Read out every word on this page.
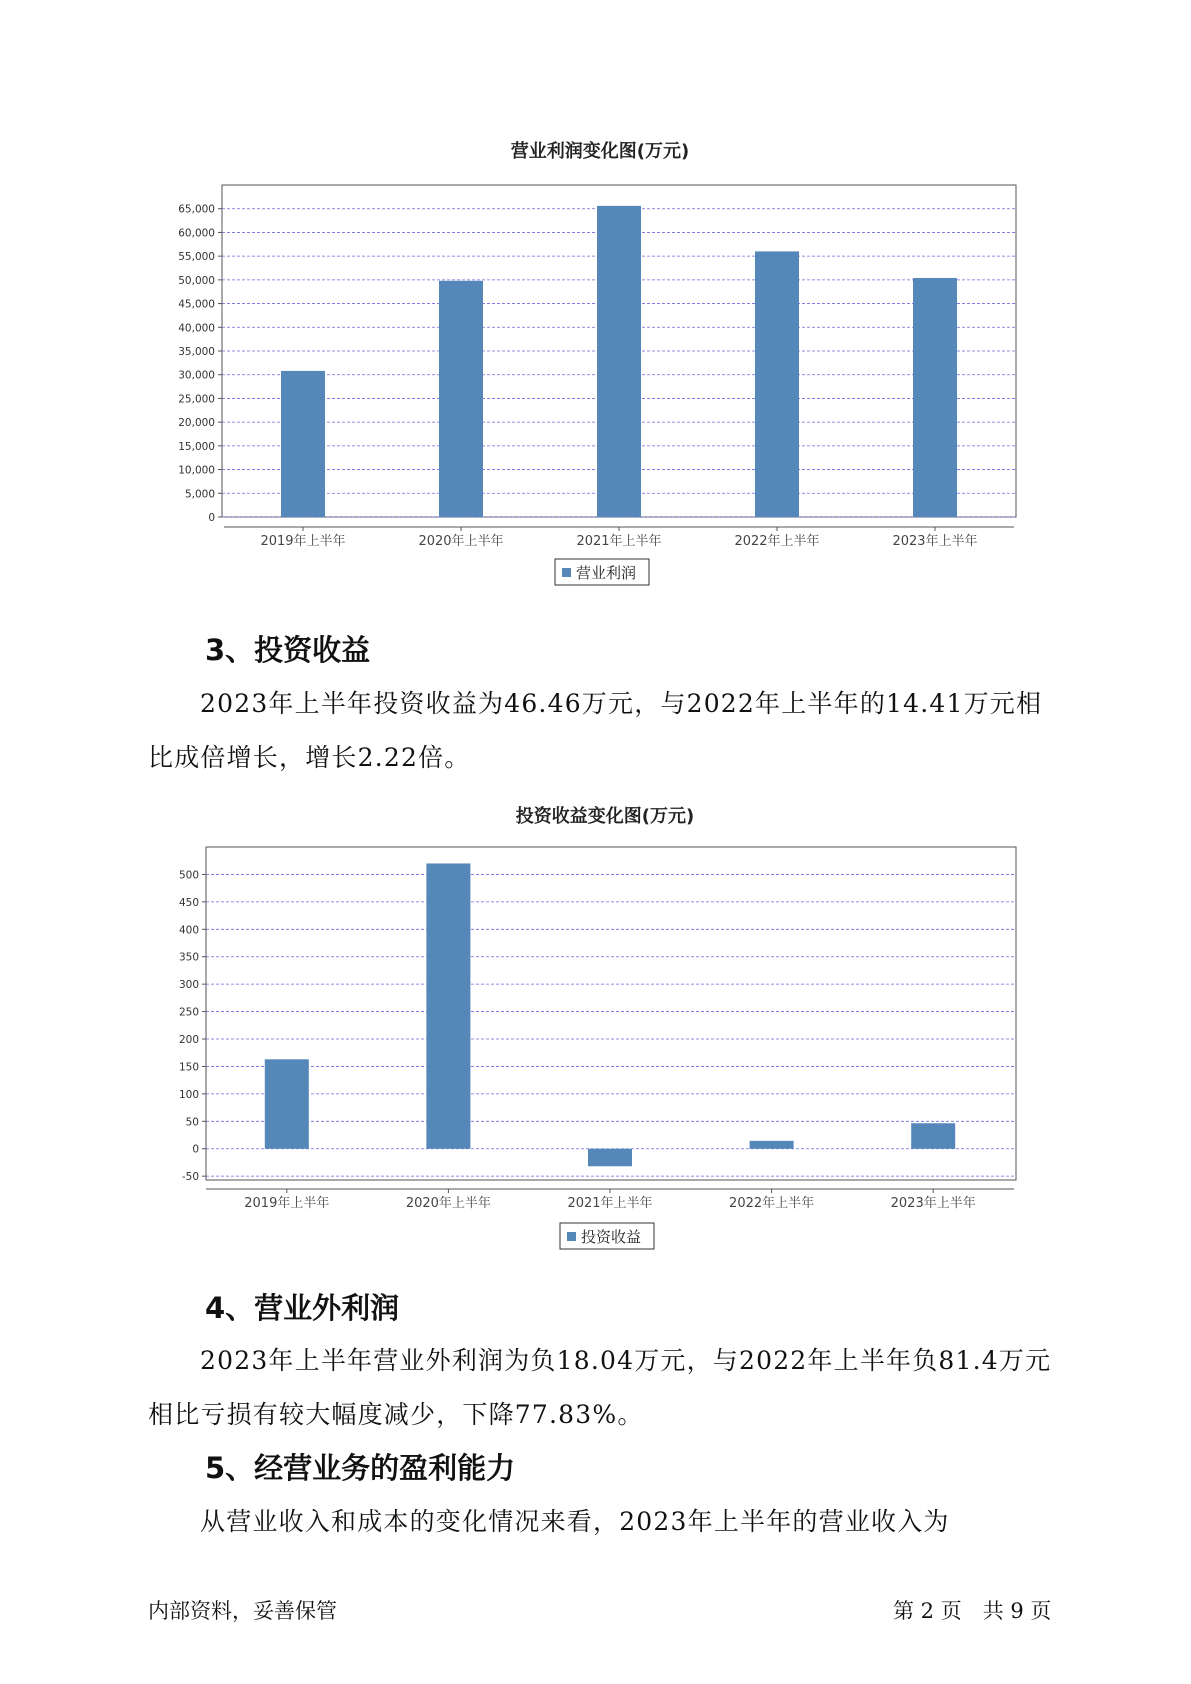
营业利润变化图(万元)
0
5,000
10,000
15,000
20,000
25,000
30,000
35,000
40,000
45,000
50,000
55,000
60,000
65,000
2019年上半年	2020年上半年	2021年上半年	2022年上半年	2023年上半年
营业利润
3、投资收益

2023年上半年投资收益为46.46万元，与2022年上半年的14.41万元相比成倍增长，增长2.22倍。

投资收益变化图(万元)
-50
0
50
100
150
200
250
300
350
400
450
500
2019年上半年	2020年上半年	2021年上半年	2022年上半年	2023年上半年
投资收益
4、营业外利润

2023年上半年营业外利润为负18.04万元，与2022年上半年负81.4万元相比亏损有较大幅度减少，下降77.83%。

5、经营业务的盈利能力

从营业收入和成本的变化情况来看，2023年上半年的营业收入为

内部资料，妥善保管	第 2 页　共 9 页
